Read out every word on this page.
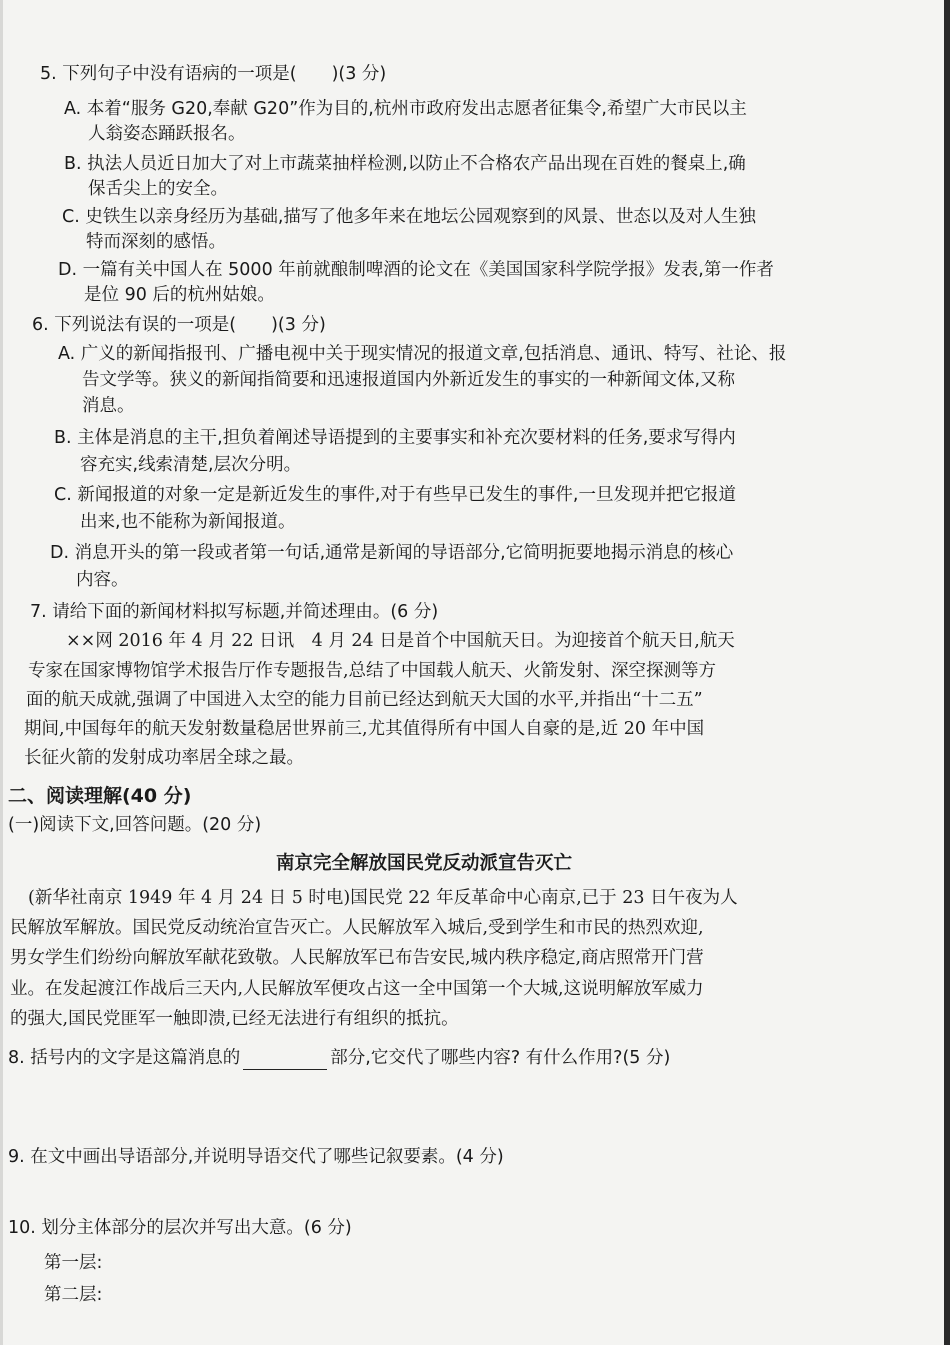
5. 下列句子中没有语病的一项是(　　)(3 分)
A. 本着“服务 G20,奉献 G20”作为目的,杭州市政府发出志愿者征集令,希望广大市民以主
人翁姿态踊跃报名。
B. 执法人员近日加大了对上市蔬菜抽样检测,以防止不合格农产品出现在百姓的餐桌上,确
保舌尖上的安全。
C. 史铁生以亲身经历为基础,描写了他多年来在地坛公园观察到的风景、世态以及对人生独
特而深刻的感悟。
D. 一篇有关中国人在 5000 年前就酿制啤酒的论文在《美国国家科学院学报》发表,第一作者
是位 90 后的杭州姑娘。
6. 下列说法有误的一项是(　　)(3 分)
A. 广义的新闻指报刊、广播电视中关于现实情况的报道文章,包括消息、通讯、特写、社论、报
告文学等。狭义的新闻指简要和迅速报道国内外新近发生的事实的一种新闻文体,又称
消息。
B. 主体是消息的主干,担负着阐述导语提到的主要事实和补充次要材料的任务,要求写得内
容充实,线索清楚,层次分明。
C. 新闻报道的对象一定是新近发生的事件,对于有些早已发生的事件,一旦发现并把它报道
出来,也不能称为新闻报道。
D. 消息开头的第一段或者第一句话,通常是新闻的导语部分,它简明扼要地揭示消息的核心
内容。
7. 请给下面的新闻材料拟写标题,并简述理由。(6 分)
××网 2016 年 4 月 22 日讯　4 月 24 日是首个中国航天日。为迎接首个航天日,航天
专家在国家博物馆学术报告厅作专题报告,总结了中国载人航天、火箭发射、深空探测等方
面的航天成就,强调了中国进入太空的能力目前已经达到航天大国的水平,并指出“十二五”
期间,中国每年的航天发射数量稳居世界前三,尤其值得所有中国人自豪的是,近 20 年中国
长征火箭的发射成功率居全球之最。
二、阅读理解(40 分)
(一)阅读下文,回答问题。(20 分)
南京完全解放国民党反动派宣告灭亡
(新华社南京 1949 年 4 月 24 日 5 时电)国民党 22 年反革命中心南京,已于 23 日午夜为人
民解放军解放。国民党反动统治宣告灭亡。人民解放军入城后,受到学生和市民的热烈欢迎,
男女学生们纷纷向解放军献花致敬。人民解放军已布告安民,城内秩序稳定,商店照常开门营
业。在发起渡江作战后三天内,人民解放军便攻占这一全中国第一个大城,这说明解放军威力
的强大,国民党匪军一触即溃,已经无法进行有组织的抵抗。
8. 括号内的文字是这篇消息的	部分,它交代了哪些内容? 有什么作用?(5 分)
9. 在文中画出导语部分,并说明导语交代了哪些记叙要素。(4 分)
10. 划分主体部分的层次并写出大意。(6 分)
第一层:
第二层:
